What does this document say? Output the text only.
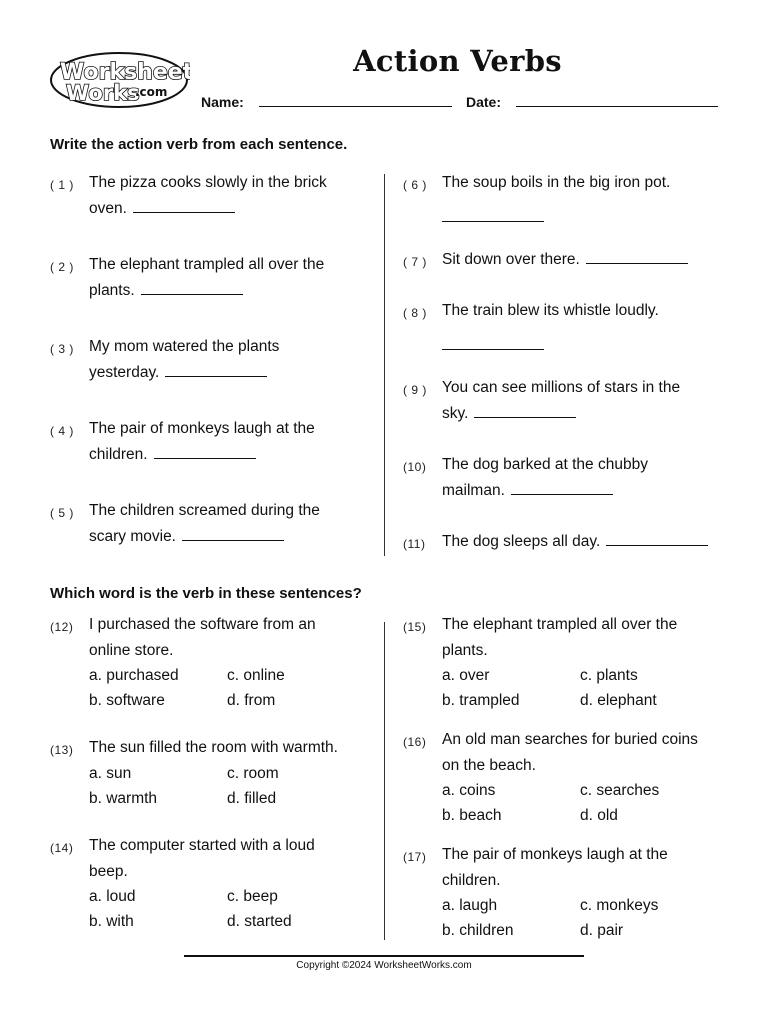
Worksheet
Works
.com
Action Verbs
Name:	Date:
Write the action verb from each sentence.
( 1 ) The pizza cooks slowly in the brick
oven.
( 2 ) The elephant trampled all over the
plants.
( 3 ) My mom watered the plants
yesterday.
( 4 ) The pair of monkeys laugh at the
children.
( 5 ) The children screamed during the
scary movie.
( 6 ) The soup boils in the big iron pot.
( 7 ) Sit down over there.
( 8 ) The train blew its whistle loudly.
( 9 ) You can see millions of stars in the
sky.
(10) The dog barked at the chubby
mailman.
(11) The dog sleeps all day.
Which word is the verb in these sentences?
(12) I purchased the software from an
online store.
a. purchased	c. online
b. software	d. from
(13) The sun filled the room with warmth.
a. sun	c. room
b. warmth	d. filled
(14) The computer started with a loud
beep.
a. loud	c. beep
b. with	d. started
(15) The elephant trampled all over the
plants.
a. over	c. plants
b. trampled	d. elephant
(16) An old man searches for buried coins
on the beach.
a. coins	c. searches
b. beach	d. old
(17) The pair of monkeys laugh at the
children.
a. laugh	c. monkeys
b. children	d. pair
Copyright ©2024 WorksheetWorks.com
